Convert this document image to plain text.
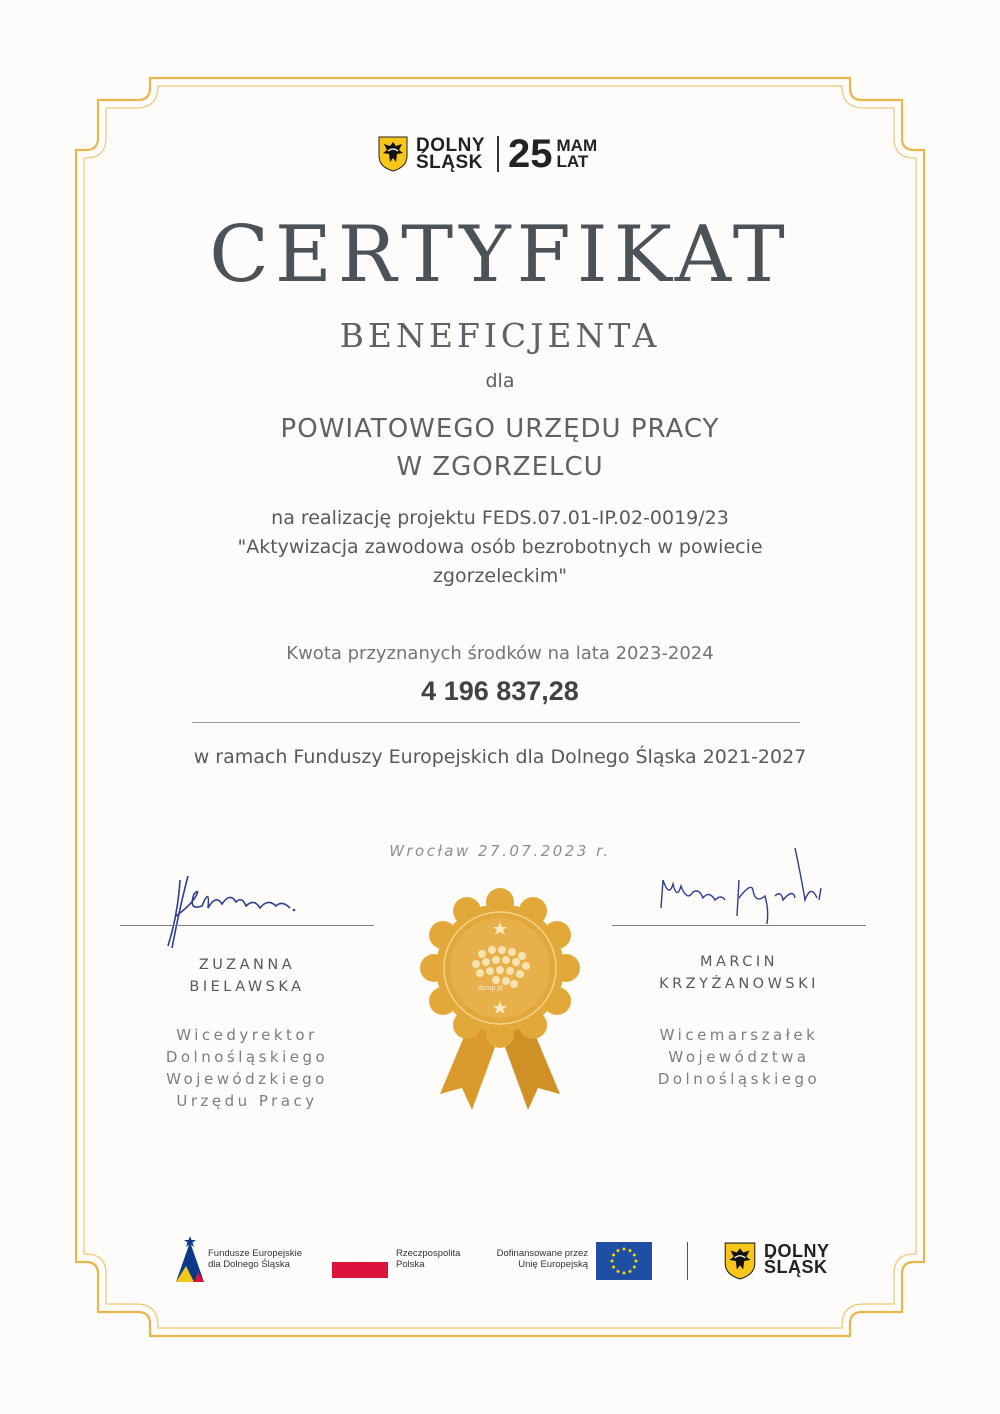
DOLNY
ŚLĄSK 25 MAM
LAT
CERTYFIKAT
BENEFICJENTA
dla
POWIATOWEGO URZĘDU PRACY
W ZGORZELCU
na realizację projektu FEDS.07.01-IP.02-0019/23
"Aktywizacja zawodowa osób bezrobotnych w powiecie
zgorzeleckim"
Kwota przyznanych środków na lata 2023-2024
4 196 837,28
w ramach Funduszy Europejskich dla Dolnego Śląska 2021-2027
Wrocław 27.07.2023 r.
ZUZANNA
BIELAWSKA
MARCIN
KRZYŻANOWSKI
Wicedyrektor
Dolnośląskiego
Wojewódzkiego
Urzędu Pracy
Wicemarszałek
Województwa
Dolnośląskiego
dsrup.pl
Fundusze Europejskie
dla Dolnego Śląska
Rzeczpospolita
Polska
Dofinansowane przez
Unię Europejską
DOLNY
ŚLĄSK
